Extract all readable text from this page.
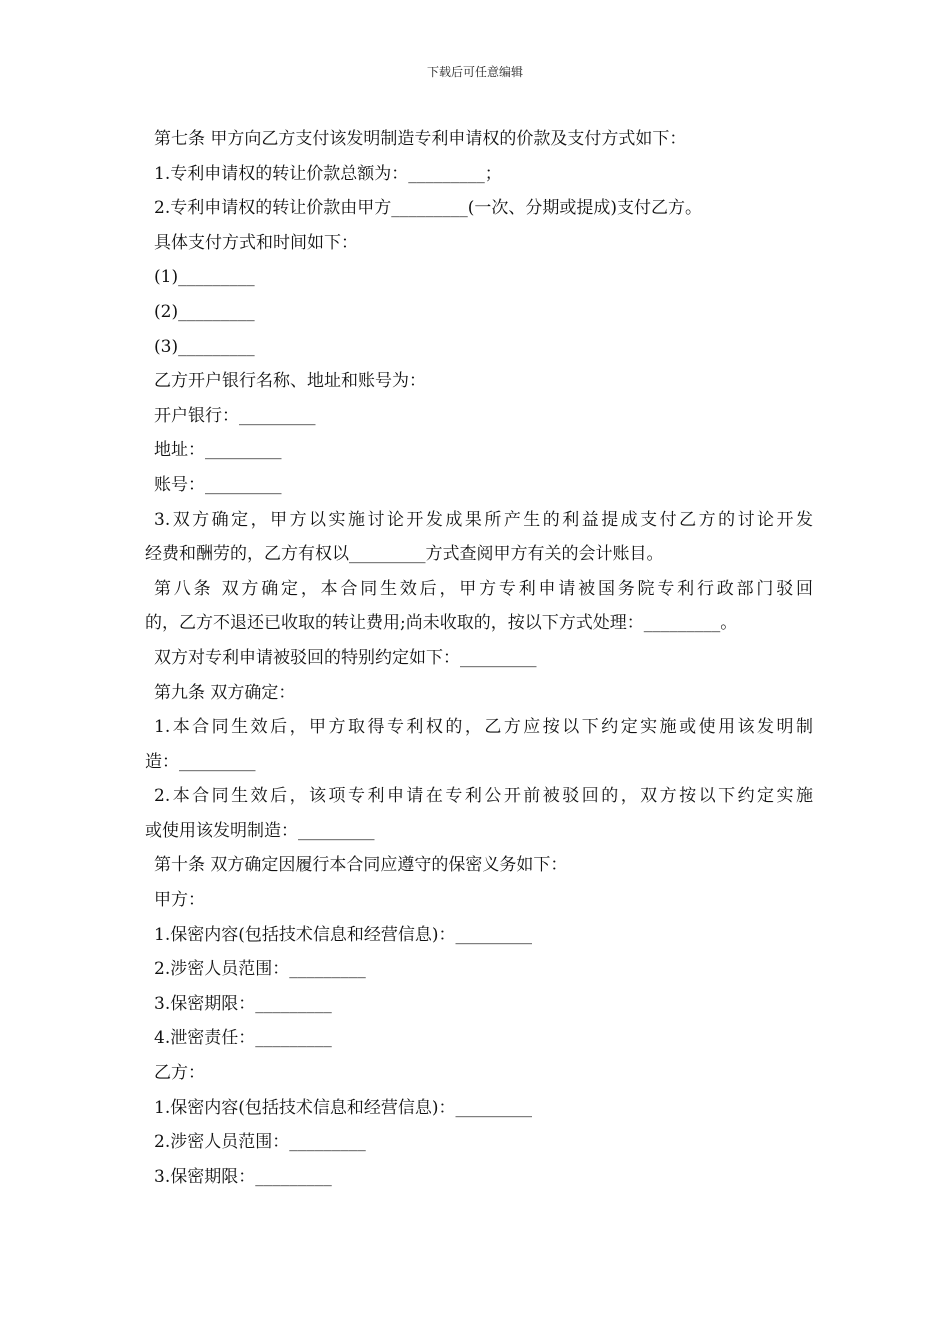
下载后可任意编辑
第七条 甲方向乙方支付该发明制造专利申请权的价款及支付方式如下：
1.专利申请权的转让价款总额为：_________；
2.专利申请权的转让价款由甲方_________(一次、分期或提成)支付乙方。
具体支付方式和时间如下：
(1)_________
(2)_________
(3)_________
乙方开户银行名称、地址和账号为：
开户银行：_________
地址：_________
账号：_________
3.双方确定，甲方以实施讨论开发成果所产生的利益提成支付乙方的讨论开发
经费和酬劳的，乙方有权以_________方式查阅甲方有关的会计账目。
第八条 双方确定，本合同生效后，甲方专利申请被国务院专利行政部门驳回
的，乙方不退还已收取的转让费用;尚未收取的，按以下方式处理：_________。
双方对专利申请被驳回的特别约定如下：_________
第九条 双方确定：
1.本合同生效后，甲方取得专利权的，乙方应按以下约定实施或使用该发明制
造：_________
2.本合同生效后，该项专利申请在专利公开前被驳回的，双方按以下约定实施
或使用该发明制造：_________
第十条 双方确定因履行本合同应遵守的保密义务如下：
甲方：
1.保密内容(包括技术信息和经营信息)：_________
2.涉密人员范围：_________
3.保密期限：_________
4.泄密责任：_________
乙方：
1.保密内容(包括技术信息和经营信息)：_________
2.涉密人员范围：_________
3.保密期限：_________
